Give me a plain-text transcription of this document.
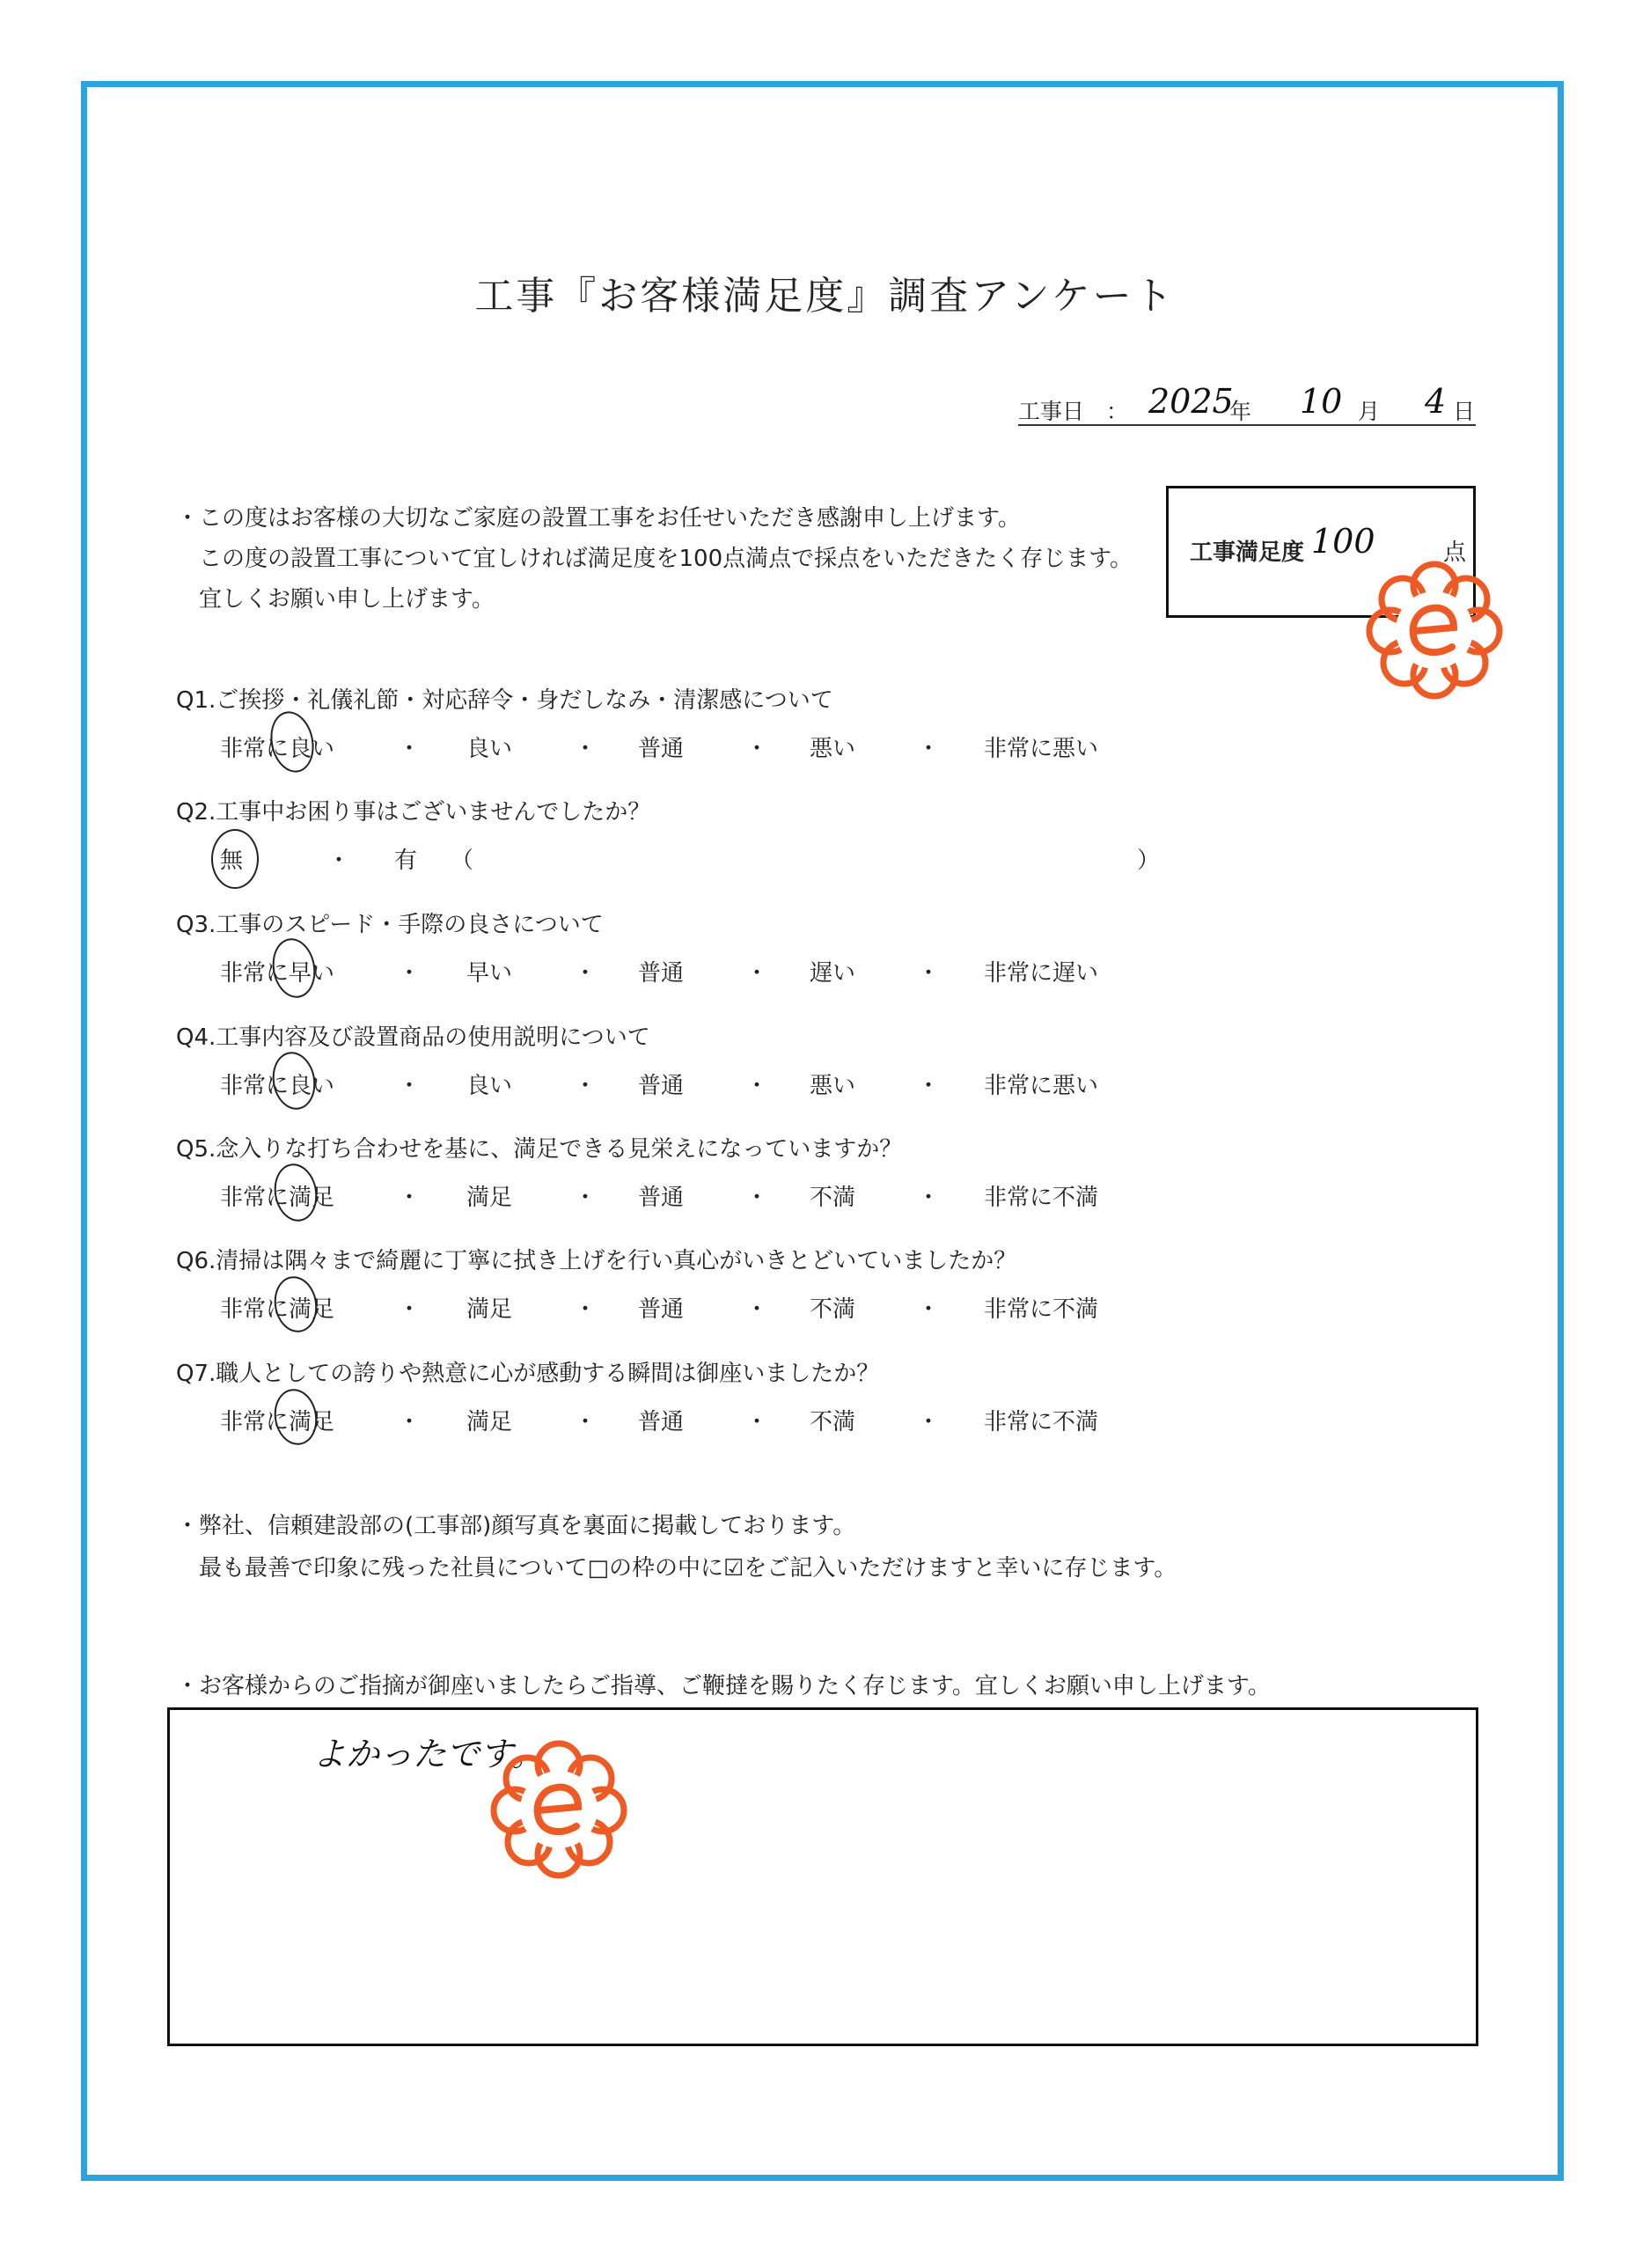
工事『お客様満足度』調査アンケート
工事日　： 2025
年 10 月 4 日
・この度はお客様の大切なご家庭の設置工事をお任せいただき感謝申し上げます。
　この度の設置工事について宜しければ満足度を100点満点で採点をいただきたく存じます。
　宜しくお願い申し上げます。
工事満足度 100	点
Q1.ご挨拶・礼儀礼節・対応辞令・身だしなみ・清潔感について
非常に良い	・ 良い	・ 普通	・ 悪い	・ 非常に悪い
Q2.工事中お困り事はございませんでしたか？
無	・ 有 （	）
Q3.工事のスピード・手際の良さについて
非常に早い	・ 早い	・ 普通	・ 遅い	・ 非常に遅い
Q4.工事内容及び設置商品の使用説明について
非常に良い	・ 良い	・ 普通	・ 悪い	・ 非常に悪い
Q5.念入りな打ち合わせを基に、満足できる見栄えになっていますか？
非常に満足	・ 満足	・ 普通	・ 不満	・ 非常に不満
Q6.清掃は隅々まで綺麗に丁寧に拭き上げを行い真心がいきとどいていましたか？
非常に満足	・ 満足	・ 普通	・ 不満	・ 非常に不満
Q7.職人としての誇りや熱意に心が感動する瞬間は御座いましたか？
非常に満足	・ 満足	・ 普通	・ 不満	・ 非常に不満
・弊社、信頼建設部の(工事部)顔写真を裏面に掲載しております。
　最も最善で印象に残った社員について□の枠の中に☑をご記入いただけますと幸いに存じます。
・お客様からのご指摘が御座いましたらご指導、ご鞭撻を賜りたく存じます。宜しくお願い申し上げます。
よかったです。
